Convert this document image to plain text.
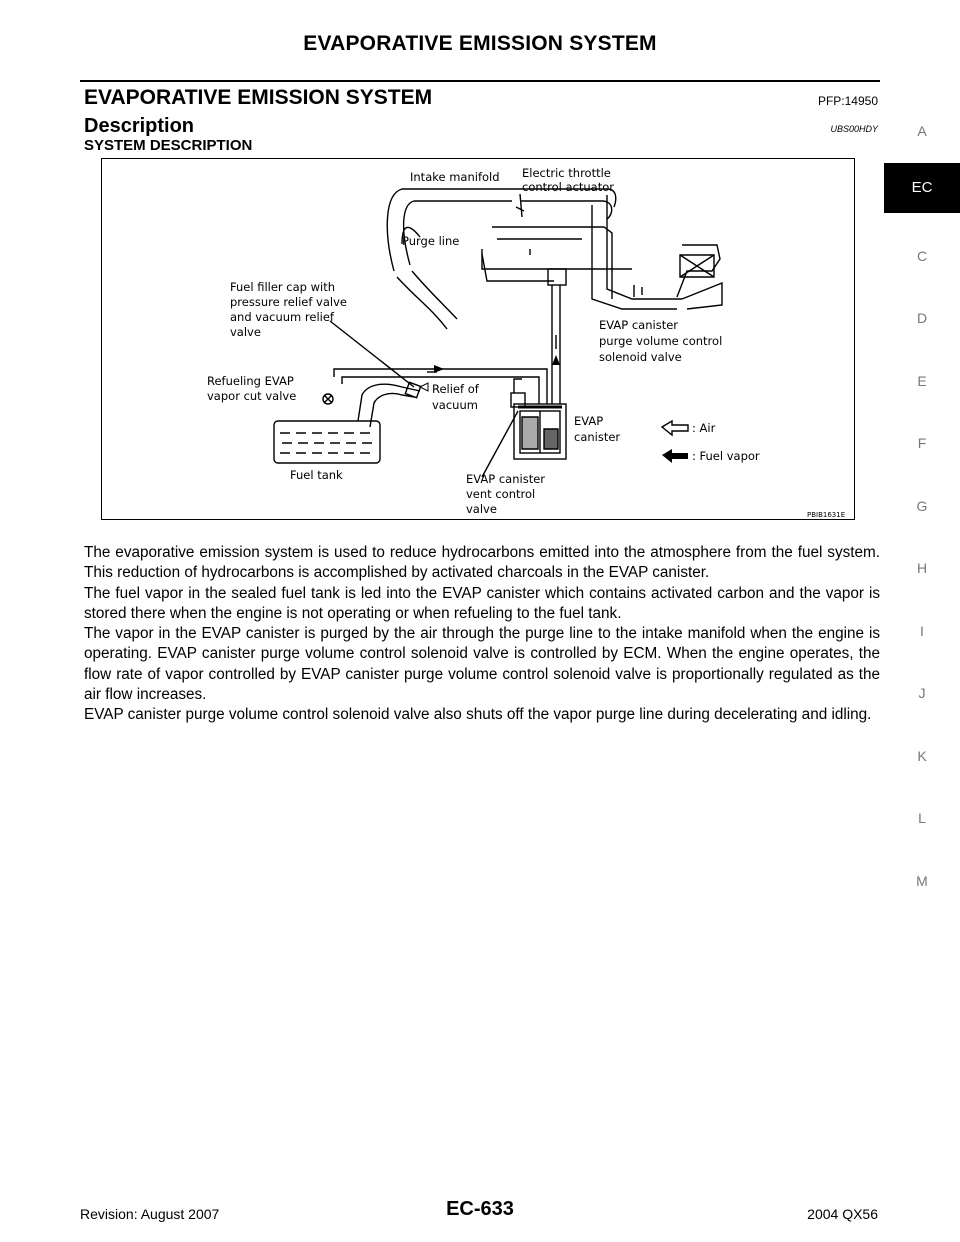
EVAPORATIVE EMISSION SYSTEM
EVAPORATIVE EMISSION SYSTEM	PFP:14950
Description	UBS00HDY
SYSTEM DESCRIPTION
Intake manifold Electric throttle
control actuator
Purge line
Fuel filler cap with
pressure relief valve
and vacuum relief
valve	EVAP canister
purge volume control
solenoid valve
Refueling EVAP
vapor cut valve	Relief of
vacuum
EVAP
canister
: Air
: Fuel vapor
Fuel tank	EVAP canister
vent control
valve	PBIB1631E

The evaporative emission system is used to reduce hydrocarbons emitted into the atmosphere from the fuel system. This reduction of hydrocarbons is accomplished by activated charcoals in the EVAP canister.

The fuel vapor in the sealed fuel tank is led into the EVAP canister which contains activated carbon and the vapor is stored there when the engine is not operating or when refueling to the fuel tank.

The vapor in the EVAP canister is purged by the air through the purge line to the intake manifold when the engine is operating. EVAP canister purge volume control solenoid valve is controlled by ECM. When the engine operates, the flow rate of vapor controlled by EVAP canister purge volume control solenoid valve is proportionally regulated as the air flow increases.

EVAP canister purge volume control solenoid valve also shuts off the vapor purge line during decelerating and idling.

A
EC
C
D
E
F
G
H
I
J
K
L
M
Revision: August 2007	EC-633	2004 QX56
